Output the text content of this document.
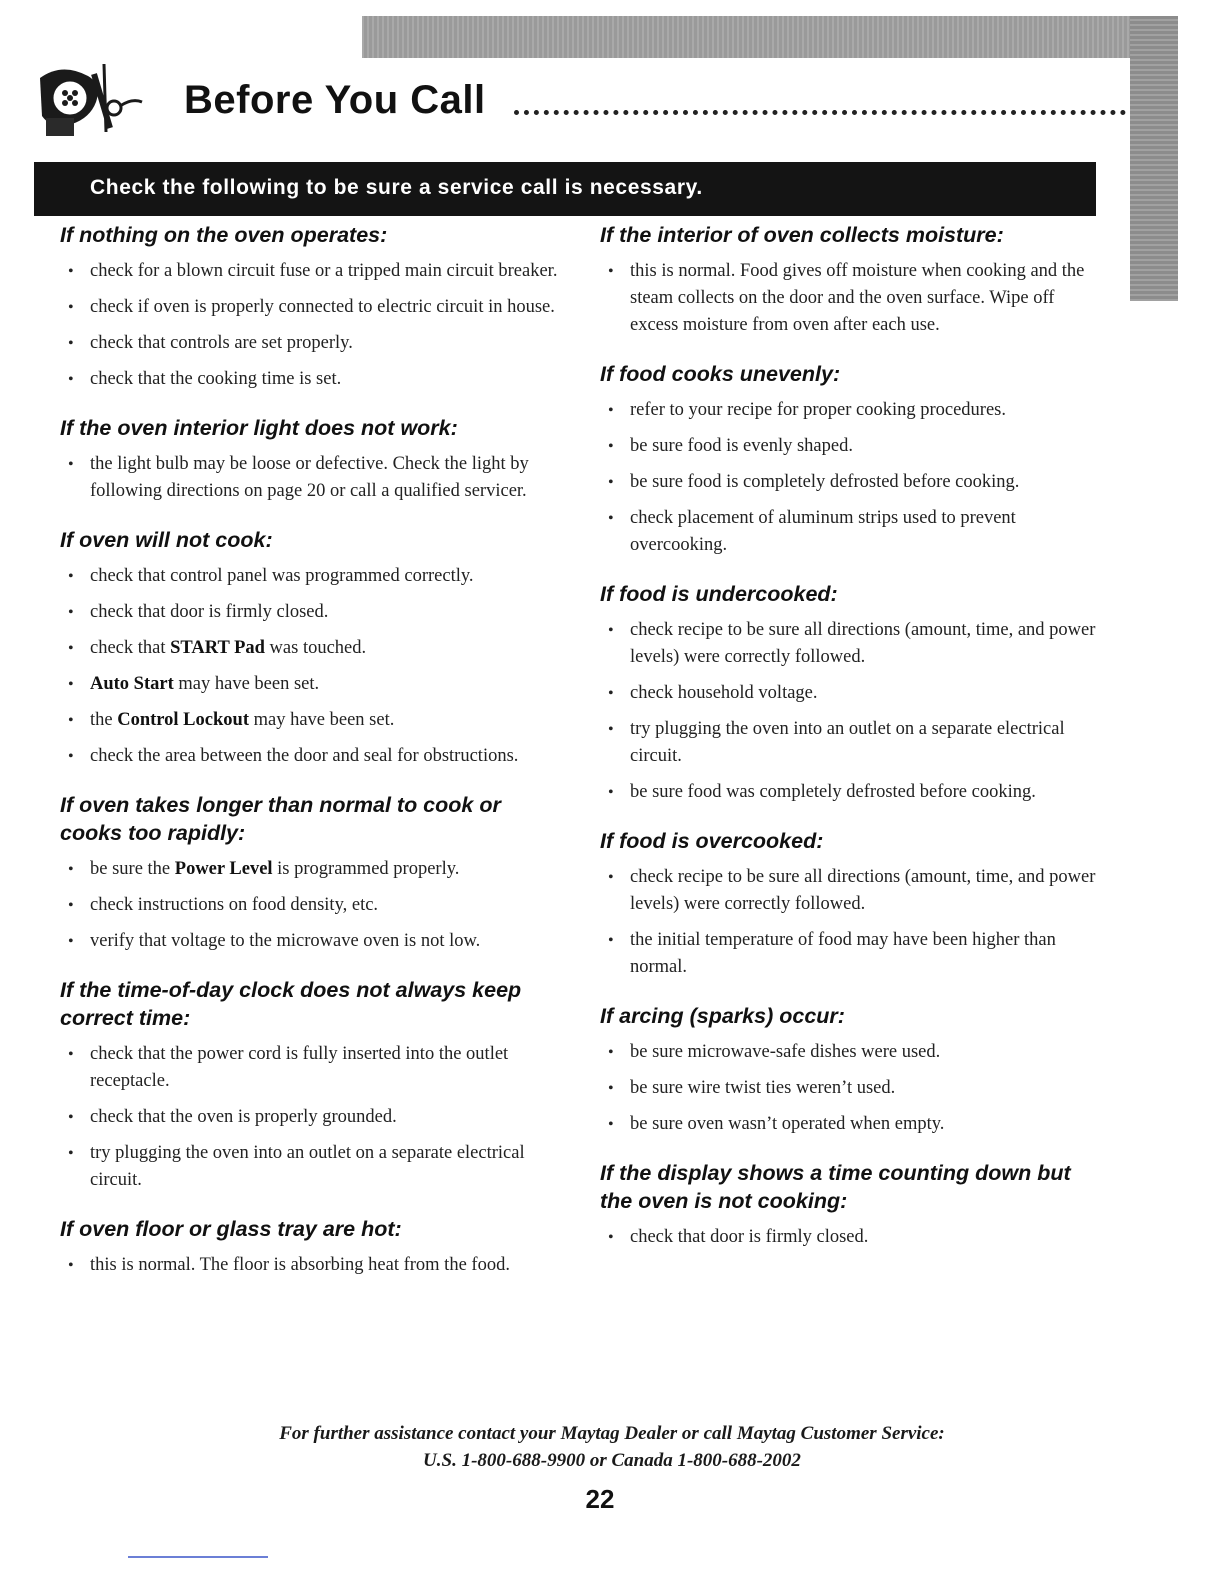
Before You Call
Check the following to be sure a service call is necessary.
If nothing on the oven operates:
• check for a blown circuit fuse or a tripped main circuit breaker.
• check if oven is properly connected to electric circuit in house.
• check that controls are set properly.
• check that the cooking time is set.
If the oven interior light does not work:
• the light bulb may be loose or defective. Check the light by following directions on page 20 or call a qualified servicer.
If oven will not cook:
• check that control panel was programmed correctly.
• check that door is firmly closed.
• check that START Pad was touched.
• Auto Start may have been set.
• the Control Lockout may have been set.
• check the area between the door and seal for obstructions.
If oven takes longer than normal to cook or cooks too rapidly:
• be sure the Power Level is programmed properly.
• check instructions on food density, etc.
• verify that voltage to the microwave oven is not low.
If the time-of-day clock does not always keep correct time:
• check that the power cord is fully inserted into the outlet receptacle.
• check that the oven is properly grounded.
• try plugging the oven into an outlet on a separate electrical circuit.
If oven floor or glass tray are hot:
• this is normal. The floor is absorbing heat from the food.
If the interior of oven collects moisture:
• this is normal. Food gives off moisture when cooking and the steam collects on the door and the oven surface. Wipe off excess moisture from oven after each use.
If food cooks unevenly:
• refer to your recipe for proper cooking procedures.
• be sure food is evenly shaped.
• be sure food is completely defrosted before cooking.
• check placement of aluminum strips used to prevent overcooking.
If food is undercooked:
• check recipe to be sure all directions (amount, time, and power levels) were correctly followed.
• check household voltage.
• try plugging the oven into an outlet on a separate electrical circuit.
• be sure food was completely defrosted before cooking.
If food is overcooked:
• check recipe to be sure all directions (amount, time, and power levels) were correctly followed.
• the initial temperature of food may have been higher than normal.
If arcing (sparks) occur:
• be sure microwave-safe dishes were used.
• be sure wire twist ties weren’t used.
• be sure oven wasn’t operated when empty.
If the display shows a time counting down but the oven is not cooking:
• check that door is firmly closed.
For further assistance contact your Maytag Dealer or call Maytag Customer Service:
U.S. 1-800-688-9900 or Canada 1-800-688-2002
22
